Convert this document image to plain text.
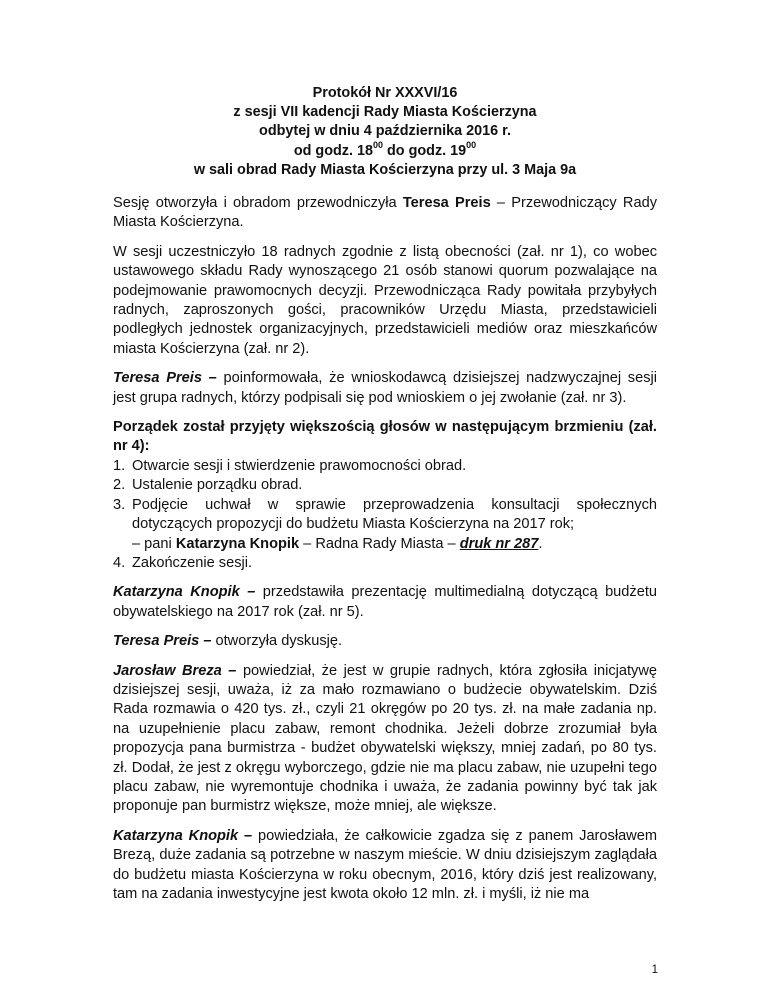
Protokół Nr XXXVI/16

z sesji VII kadencji Rady Miasta Kościerzyna

odbytej w dniu 4 października 2016 r.

od godz. $18^{00}$ do godz. $19^{00}$

w sali obrad Rady Miasta Kościerzyna przy ul. 3 Maja 9a

Sesję otworzyła i obradom przewodniczyła Teresa Preis – Przewodniczący Rady Miasta Kościerzyna.

W sesji uczestniczyło 18 radnych zgodnie z listą obecności (zał. nr 1), co wobec ustawowego składu Rady wynoszącego 21 osób stanowi quorum pozwalające na podejmowanie prawomocnych decyzji. Przewodnicząca Rady powitała przybyłych radnych, zaproszonych gości, pracowników Urzędu Miasta, przedstawicieli podległych jednostek organizacyjnych, przedstawicieli mediów oraz mieszkańców miasta Kościerzyna (zał. nr 2).

Teresa Preis – poinformowała, że wnioskodawcą dzisiejszej nadzwyczajnej sesji jest grupa radnych, którzy podpisali się pod wnioskiem o jej zwołanie (zał. nr 3).

Porządek został przyjęty większością głosów w następującym brzmieniu (zał. nr 4):

1. Otwarcie sesji i stwierdzenie prawomocności obrad.
2. Ustalenie porządku obrad.
3. Podjęcie uchwał w sprawie przeprowadzenia konsultacji społecznych dotyczących propozycji do budżetu Miasta Kościerzyna na 2017 rok;
– pani Katarzyna Knopik – Radna Rady Miasta – druk nr 287.
4. Zakończenie sesji.

Katarzyna Knopik – przedstawiła prezentację multimedialną dotyczącą budżetu obywatelskiego na 2017 rok (zał. nr 5).

Teresa Preis – otworzyła dyskusję.

Jarosław Breza – powiedział, że jest w grupie radnych, która zgłosiła inicjatywę dzisiejszej sesji, uważa, iż za mało rozmawiano o budżecie obywatelskim. Dziś Rada rozmawia o 420 tys. zł., czyli 21 okręgów po 20 tys. zł. na małe zadania np. na uzupełnienie placu zabaw, remont chodnika. Jeżeli dobrze zrozumiał była propozycja pana burmistrza - budżet obywatelski większy, mniej zadań, po 80 tys. zł. Dodał, że jest z okręgu wyborczego, gdzie nie ma placu zabaw, nie uzupełni tego placu zabaw, nie wyremontuje chodnika i uważa, że zadania powinny być tak jak proponuje pan burmistrz większe, może mniej, ale większe.

Katarzyna Knopik – powiedziała, że całkowicie zgadza się z panem Jarosławem Brezą, duże zadania są potrzebne w naszym mieście. W dniu dzisiejszym zaglądała do budżetu miasta Kościerzyna w roku obecnym, 2016, który dziś jest realizowany, tam na zadania inwestycyjne jest kwota około 12 mln. zł. i myśli, iż nie ma

1
